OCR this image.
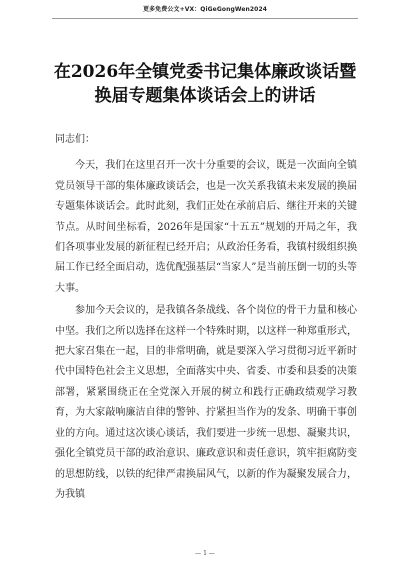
更多免费公文+VX：QiGeGongWen2024
在2026年全镇党委书记集体廉政谈话暨
换届专题集体谈话会上的讲话

同志们：

今天，我们在这里召开一次十分重要的会议，既是一次面向全镇党员领导干部的集体廉政谈话会，也是一次关系我镇未来发展的换届专题集体谈话会。此时此刻，我们正处在承前启后、继往开来的关键节点。从时间坐标看，2026年是国家“十五五”规划的开局之年，我们各项事业发展的新征程已经开启；从政治任务看，我镇村级组织换届工作已经全面启动，选优配强基层“当家人”是当前压倒一切的头等大事。

参加今天会议的，是我镇各条战线、各个岗位的骨干力量和核心中坚。我们之所以选择在这样一个特殊时期，以这样一种郑重形式，把大家召集在一起，目的非常明确，就是要深入学习贯彻习近平新时代中国特色社会主义思想，全面落实中央、省委、市委和县委的决策部署，紧紧围绕正在全党深入开展的树立和践行正确政绩观学习教育，为大家敲响廉洁自律的警钟、拧紧担当作为的发条、明确干事创业的方向。通过这次谈心谈话，我们要进一步统一思想、凝聚共识，强化全镇党员干部的政治意识、廉政意识和责任意识，筑牢拒腐防变的思想防线，以铁的纪律严肃换届风气，以新的作为凝聚发展合力，为我镇

— 1 —
